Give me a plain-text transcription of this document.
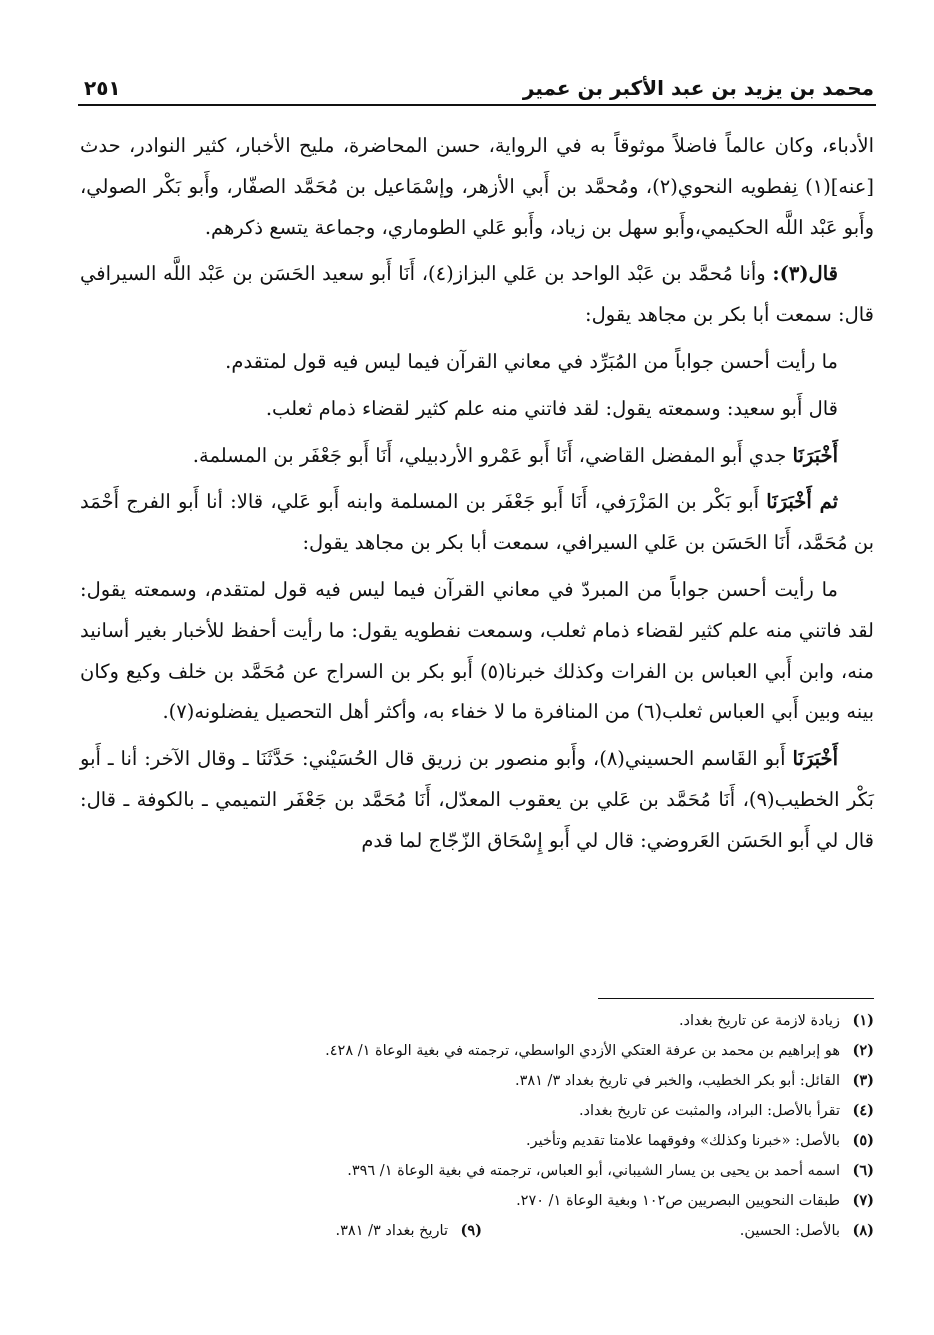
محمد بن يزيد بن عبد الأكبر بن عمير
٢٥١

الأدباء، وكان عالماً فاضلاً موثوقاً به في الرواية، حسن المحاضرة، مليح الأخبار، كثير النوادر، حدث [عنه](١) نِفطويه النحوي(٢)، ومُحمَّد بن أَبي الأزهر، وإسْمَاعيل بن مُحَمَّد الصفّار، وأَبو بَكْر الصولي، وأَبو عَبْد اللَّه الحكيمي،وأَبو سهل بن زياد، وأَبو عَلي الطوماري، وجماعة يتسع ذكرهم.

قال(٣): وأنا مُحمَّد بن عَبْد الواحد بن عَلي البزاز(٤)، أَنَا أَبو سعيد الحَسَن بن عَبْد اللَّه السيرافي قال: سمعت أبا بكر بن مجاهد يقول:

ما رأيت أحسن جواباً من المُبَرِّد في معاني القرآن فيما ليس فيه قول لمتقدم.

قال أَبو سعيد: وسمعته يقول: لقد فاتني منه علم كثير لقضاء ذمام ثعلب.

أَخْبَرَنَا جدي أَبو المفضل القاضي، أَنَا أَبو عَمْرو الأردبيلي، أَنَا أَبو جَعْفَر بن المسلمة.

ثم أَخْبَرَنَا أَبو بَكْر بن المَزْرَفي، أَنَا أَبو جَعْفَر بن المسلمة وابنه أَبو عَلي، قالا: أنا أَبو الفرج أَحْمَد بن مُحَمَّد، أَنَا الحَسَن بن عَلي السيرافي، سمعت أبا بكر بن مجاهد يقول:

ما رأيت أحسن جواباً من المبردّ في معاني القرآن فيما ليس فيه قول لمتقدم، وسمعته يقول: لقد فاتني منه علم كثير لقضاء ذمام ثعلب، وسمعت نفطويه يقول: ما رأيت أحفظ للأخبار بغير أسانيد منه، وابن أَبي العباس بن الفرات وكذلك خبرنا(٥) أَبو بكر بن السراج عن مُحَمَّد بن خلف وكيع وكان بينه وبين أَبي العباس ثعلب(٦) من المنافرة ما لا خفاء به، وأكثر أهل التحصيل يفضلونه(٧).

أَخْبَرَنَا أَبو القَاسم الحسيني(٨)، وأَبو منصور بن زريق قال الحُسَيْني: حَدَّثَنَا ـ وقال الآخر: أنا ـ أَبو بَكْر الخطيب(٩)، أَنَا مُحَمَّد بن عَلي بن يعقوب المعدّل، أَنَا مُحَمَّد بن جَعْفَر التميمي ـ بالكوفة ـ قال: قال لي أَبو الحَسَن العَروضي: قال لي أَبو إِسْحَاق الزّجّاج لما قدم

(١)
زيادة لازمة عن تاريخ بغداد.
(٢)
هو إبراهيم بن محمد بن عرفة العتكي الأزدي الواسطي، ترجمته في بغية الوعاة ١/ ٤٢٨.
(٣)
القائل: أبو بكر الخطيب، والخبر في تاريخ بغداد ٣/ ٣٨١.
(٤)
تقرأ بالأصل: البراد، والمثبت عن تاريخ بغداد.
(٥)
بالأصل: «خبرنا وكذلك» وفوقهما علامتا تقديم وتأخير.
(٦)
اسمه أحمد بن يحيى بن يسار الشيباني، أبو العباس، ترجمته في بغية الوعاة ١/ ٣٩٦.
(٧)
طبقات النحويين البصريين ص١٠٢ وبغية الوعاة ١/ ٢٧٠.
(٨)
بالأصل: الحسين.
(٩)
تاريخ بغداد ٣/ ٣٨١.
